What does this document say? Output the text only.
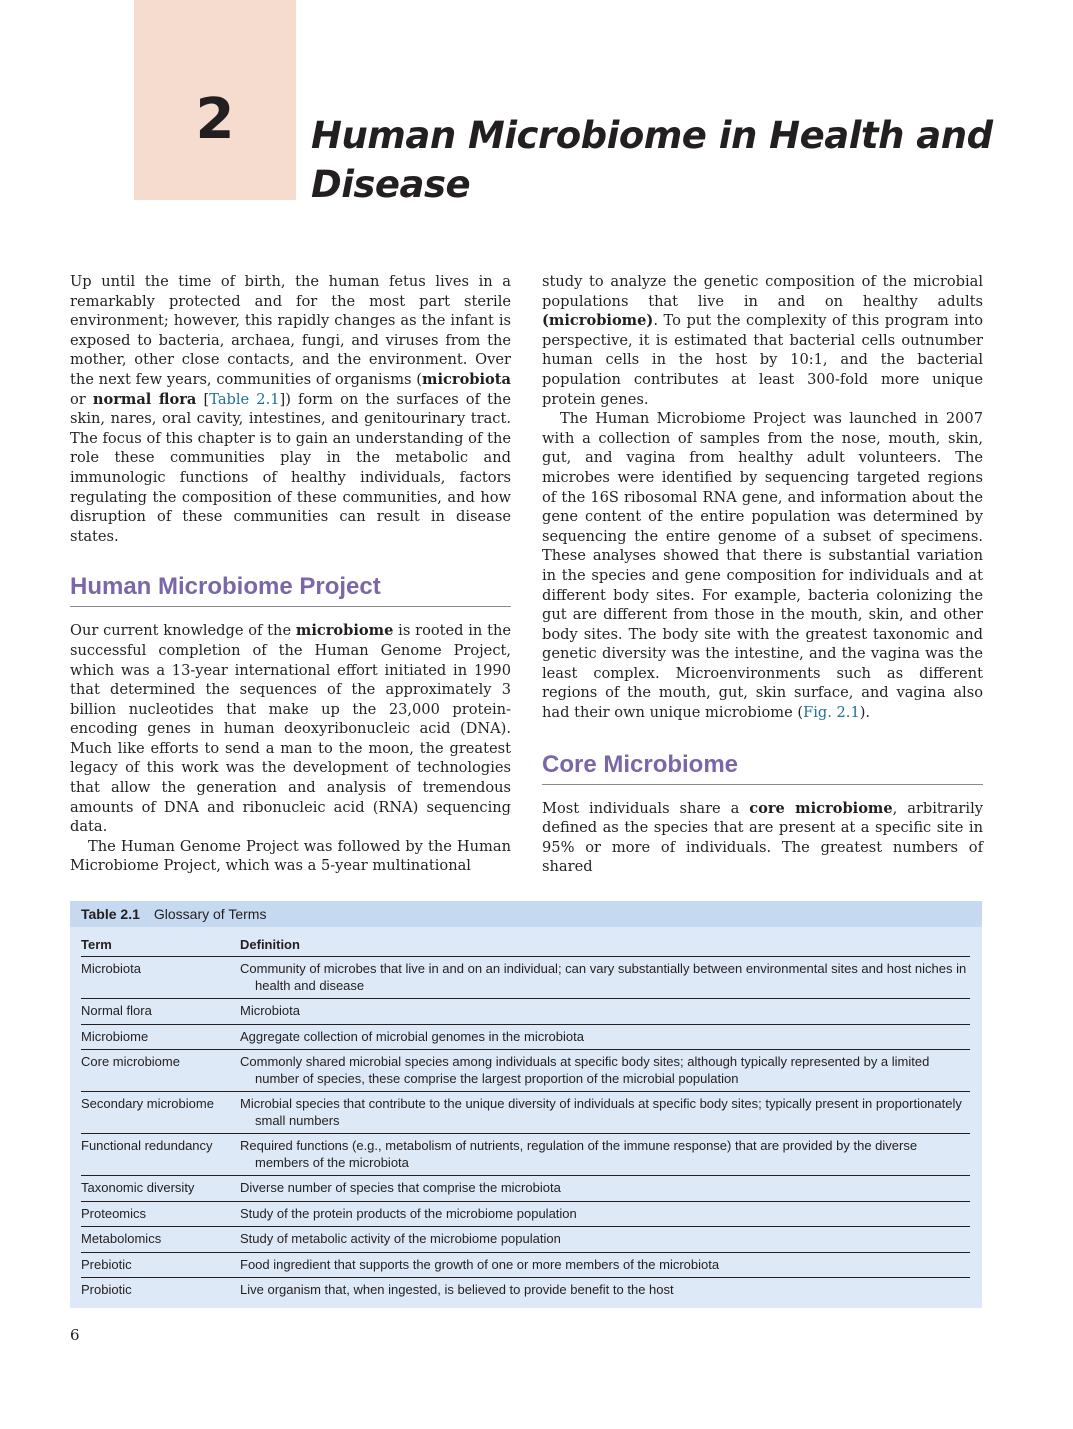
2	Human Microbiome in Health and Disease

Up until the time of birth, the human fetus lives in a remarkably protected and for the most part sterile environment; however, this rapidly changes as the infant is exposed to bacteria, archaea, fungi, and viruses from the mother, other close contacts, and the environment. Over the next few years, communities of organisms (microbiota or normal flora [Table 2.1]) form on the surfaces of the skin, nares, oral cavity, intestines, and genitourinary tract. The focus of this chapter is to gain an understanding of the role these communities play in the metabolic and immunologic functions of healthy individuals, factors regulating the composition of these communities, and how disruption of these communities can result in disease states.

Human Microbiome Project

Our current knowledge of the microbiome is rooted in the successful completion of the Human Genome Project, which was a 13-year international effort initiated in 1990 that determined the sequences of the approximately 3 billion nucleotides that make up the 23,000 protein-encoding genes in human deoxyribonucleic acid (DNA). Much like efforts to send a man to the moon, the greatest legacy of this work was the development of technologies that allow the generation and analysis of tremendous amounts of DNA and ribonucleic acid (RNA) sequencing data.

The Human Genome Project was followed by the Human Microbiome Project, which was a 5-year multinational

study to analyze the genetic composition of the microbial populations that live in and on healthy adults (microbiome). To put the complexity of this program into perspective, it is estimated that bacterial cells outnumber human cells in the host by 10:1, and the bacterial population contributes at least 300-fold more unique protein genes.

The Human Microbiome Project was launched in 2007 with a collection of samples from the nose, mouth, skin, gut, and vagina from healthy adult volunteers. The microbes were identified by sequencing targeted regions of the 16S ribosomal RNA gene, and information about the gene content of the entire population was determined by sequencing the entire genome of a subset of specimens. These analyses showed that there is substantial variation in the species and gene composition for individuals and at different body sites. For example, bacteria colonizing the gut are different from those in the mouth, skin, and other body sites. The body site with the greatest taxonomic and genetic diversity was the intestine, and the vagina was the least complex. Microenvironments such as different regions of the mouth, gut, skin surface, and vagina also had their own unique microbiome (Fig. 2.1).

Core Microbiome

Most individuals share a core microbiome, arbitrarily defined as the species that are present at a specific site in 95% or more of individuals. The greatest numbers of shared

Table 2.1 Glossary of Terms
Term	Definition
Microbiota	Community of microbes that live in and on an individual; can vary substantially between environmental sites and host niches in health and disease
Normal flora	Microbiota
Microbiome	Aggregate collection of microbial genomes in the microbiota
Core microbiome	Commonly shared microbial species among individuals at specific body sites; although typically represented by a limited number of species, these comprise the largest proportion of the microbial population
Secondary microbiome	Microbial species that contribute to the unique diversity of individuals at specific body sites; typically present in proportionately small numbers
Functional redundancy	Required functions (e.g., metabolism of nutrients, regulation of the immune response) that are provided by the diverse members of the microbiota
Taxonomic diversity	Diverse number of species that comprise the microbiota
Proteomics	Study of the protein products of the microbiome population
Metabolomics	Study of metabolic activity of the microbiome population
Prebiotic	Food ingredient that supports the growth of one or more members of the microbiota
Probiotic	Live organism that, when ingested, is believed to provide benefit to the host
6
